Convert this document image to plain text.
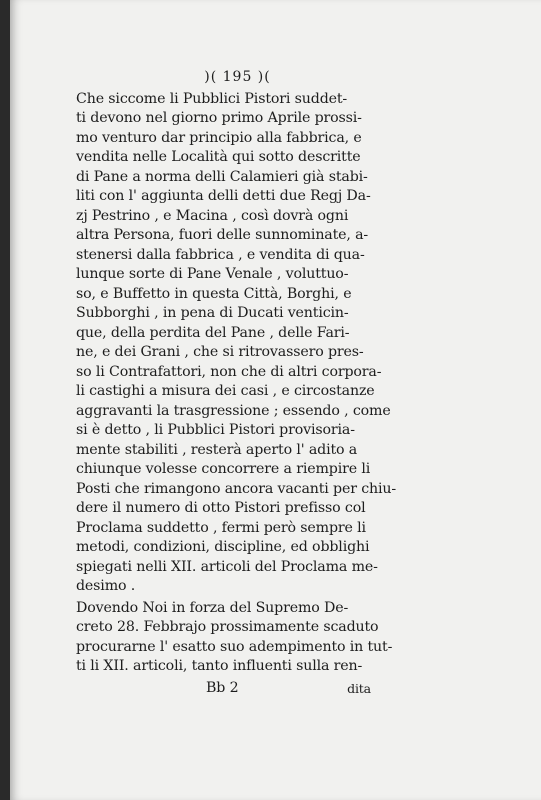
)( 195 )(
Che siccome li Pubblici Pistori suddet-
ti devono nel giorno primo Aprile prossi-
mo venturo dar principio alla fabbrica, e
vendita nelle Località qui sotto descritte
di Pane a norma delli Calamieri già stabi-
liti con l' aggiunta delli detti due Regj Da-
zj Pestrino , e Macina , così dovrà ogni
altra Persona, fuori delle sunnominate, a-
stenersi dalla fabbrica , e vendita di qua-
lunque sorte di Pane Venale , voluttuo-
so, e Buffetto in questa Città, Borghi, e
Subborghi , in pena di Ducati venticin-
que, della perdita del Pane , delle Fari-
ne, e dei Grani , che si ritrovassero pres-
so li Contrafattori, non che di altri corpora-
li castighi a misura dei casi , e circostanze
aggravanti la trasgressione ; essendo , come
si è detto , li Pubblici Pistori provisoria-
mente stabiliti , resterà aperto l' adito a
chiunque volesse concorrere a riempire li
Posti che rimangono ancora vacanti per chiu-
dere il numero di otto Pistori prefisso col
Proclama suddetto , fermi però sempre li
metodi, condizioni, discipline, ed obblighi
spiegati nelli XII. articoli del Proclama me-
desimo .
Dovendo Noi in forza del Supremo De-
creto 28. Febbrajo prossimamente scaduto
procurarne l' esatto suo adempimento in tut-
ti li XII. articoli, tanto influenti sulla ren-
Bb 2	dita
